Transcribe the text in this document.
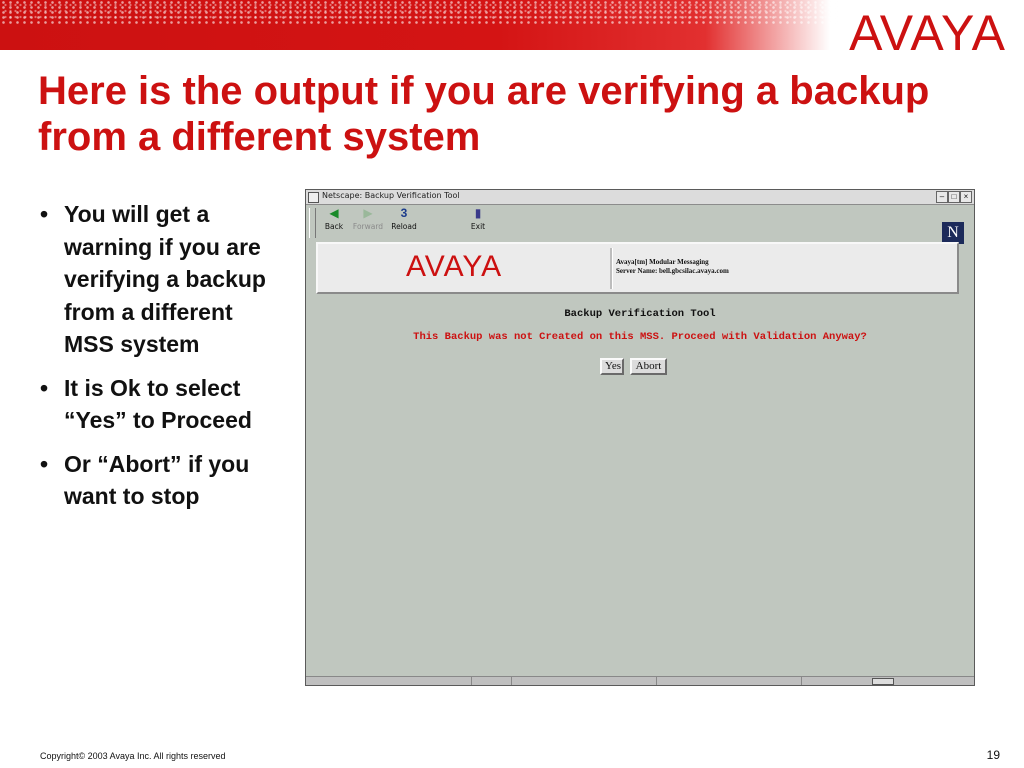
AVAYA
Here is the output if you are verifying a backup from a different system
• You will get a warning if you are verifying a backup from a different MSS system
• It is Ok to select “Yes” to Proceed
• Or “Abort” if you want to stop
Netscape: Backup Verification Tool	– □ ×
◀
Back
▶
Forward
3
Reload
▮
Exit	N
AVAYA	Avaya[tm] Modular Messaging
Server Name: bell.gbcsilac.avaya.com
Backup Verification Tool
This Backup was not Created on this MSS. Proceed with Validation Anyway?
Yes	Abort
Copyright© 2003 Avaya Inc. All rights reserved	19
